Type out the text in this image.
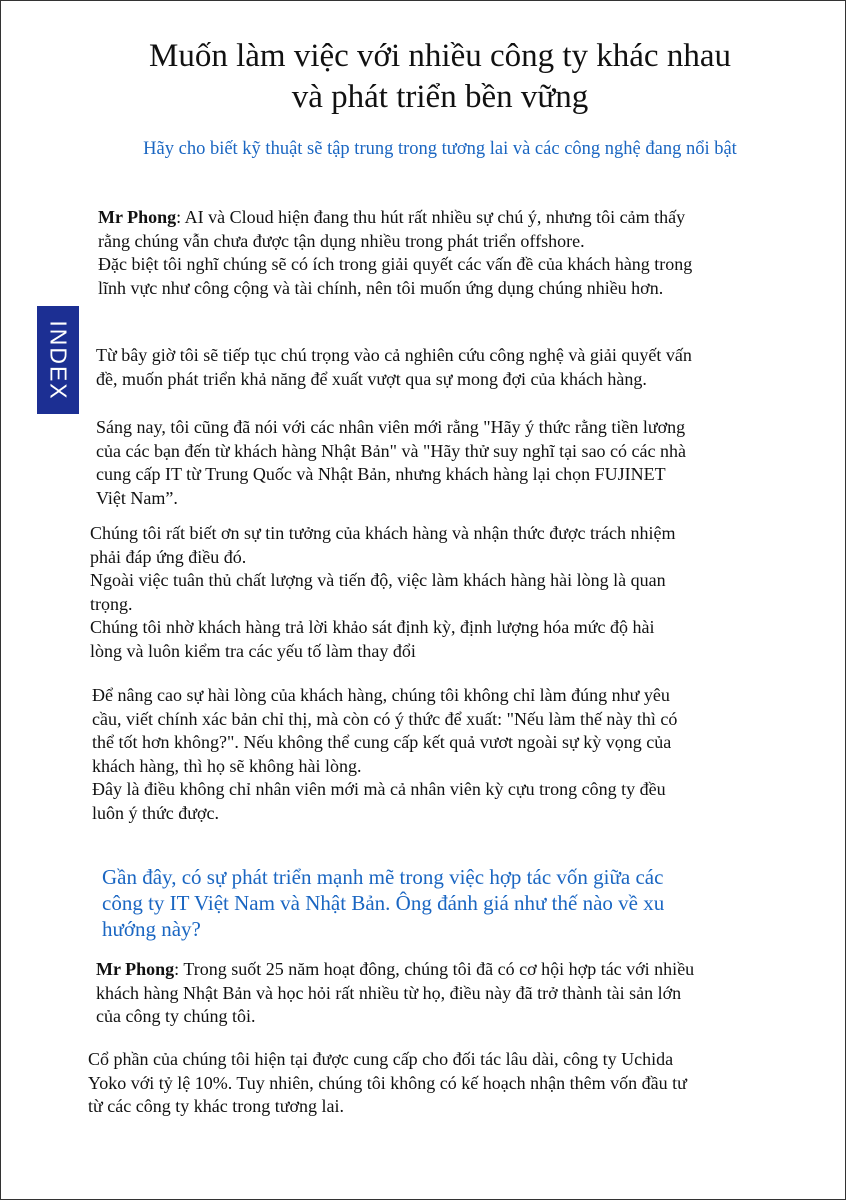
Muốn làm việc với nhiều công ty khác nhau
và phát triển bền vững

Hãy cho biết kỹ thuật sẽ tập trung trong tương lai và các công nghệ đang nổi bật

INDEX
Mr Phong: AI và Cloud hiện đang thu hút rất nhiều sự chú ý, nhưng tôi cảm thấy
rằng chúng vẫn chưa được tận dụng nhiều trong phát triển offshore.
Đặc biệt tôi nghĩ chúng sẽ có ích trong giải quyết các vấn đề của khách hàng trong
lĩnh vực như công cộng và tài chính, nên tôi muốn ứng dụng chúng nhiều hơn.
Từ bây giờ tôi sẽ tiếp tục chú trọng vào cả nghiên cứu công nghệ và giải quyết vấn
đề, muốn phát triển khả năng để xuất vượt qua sự mong đợi của khách hàng.
Sáng nay, tôi cũng đã nói với các nhân viên mới rằng "Hãy ý thức rằng tiền lương
của các bạn đến từ khách hàng Nhật Bản" và "Hãy thử suy nghĩ tại sao có các nhà
cung cấp IT từ Trung Quốc và Nhật Bản, nhưng khách hàng lại chọn FUJINET
Việt Nam”.
Chúng tôi rất biết ơn sự tin tưởng của khách hàng và nhận thức được trách nhiệm
phải đáp ứng điều đó.
Ngoài việc tuân thủ chất lượng và tiến độ, việc làm khách hàng hài lòng là quan
trọng.
Chúng tôi nhờ khách hàng trả lời khảo sát định kỳ, định lượng hóa mức độ hài
lòng và luôn kiểm tra các yếu tố làm thay đổi
Để nâng cao sự hài lòng của khách hàng, chúng tôi không chỉ làm đúng như yêu
cầu, viết chính xác bản chỉ thị, mà còn có ý thức để xuất: "Nếu làm thế này thì có
thể tốt hơn không?". Nếu không thể cung cấp kết quả vươt ngoài sự kỳ vọng của
khách hàng, thì họ sẽ không hài lòng.
Đây là điều không chỉ nhân viên mới mà cả nhân viên kỳ cựu trong công ty đều
luôn ý thức được.
Gần đây, có sự phát triển mạnh mẽ trong việc hợp tác vốn giữa các
công ty IT Việt Nam và Nhật Bản. Ông đánh giá như thế nào về xu
hướng này?
Mr Phong: Trong suốt 25 năm hoạt đông, chúng tôi đã có cơ hội hợp tác với nhiều
khách hàng Nhật Bản và học hỏi rất nhiều từ họ, điều này đã trở thành tài sản lớn
của công ty chúng tôi.
Cổ phần của chúng tôi hiện tại được cung cấp cho đối tác lâu dài, công ty Uchida
Yoko với tỷ lệ 10%. Tuy nhiên, chúng tôi không có kế hoạch nhận thêm vốn đầu tư
từ các công ty khác trong tương lai.
